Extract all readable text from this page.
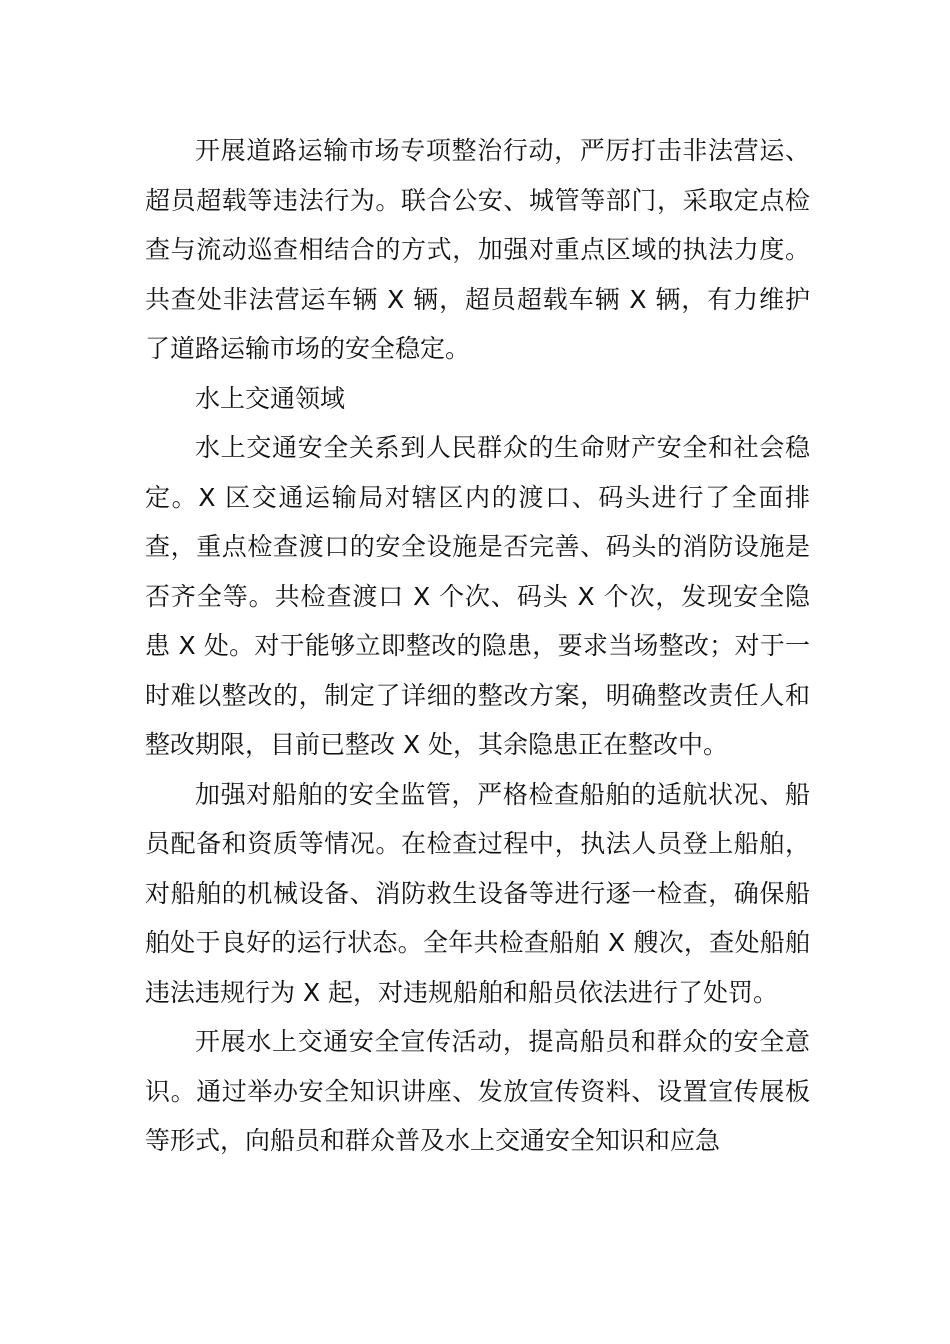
开展道路运输市场专项整治行动，严厉打击非法营运、超员超载等违法行为。联合公安、城管等部门，采取定点检查与流动巡查相结合的方式，加强对重点区域的执法力度。共查处非法营运车辆 X 辆，超员超载车辆 X 辆，有力维护了道路运输市场的安全稳定。

水上交通领域

水上交通安全关系到人民群众的生命财产安全和社会稳定。X 区交通运输局对辖区内的渡口、码头进行了全面排查，重点检查渡口的安全设施是否完善、码头的消防设施是否齐全等。共检查渡口 X 个次、码头 X 个次，发现安全隐患 X 处。对于能够立即整改的隐患，要求当场整改；对于一时难以整改的，制定了详细的整改方案，明确整改责任人和整改期限，目前已整改 X 处，其余隐患正在整改中。

加强对船舶的安全监管，严格检查船舶的适航状况、船员配备和资质等情况。在检查过程中，执法人员登上船舶，对船舶的机械设备、消防救生设备等进行逐一检查，确保船舶处于良好的运行状态。全年共检查船舶 X 艘次，查处船舶违法违规行为 X 起，对违规船舶和船员依法进行了处罚。

开展水上交通安全宣传活动，提高船员和群众的安全意识。通过举办安全知识讲座、发放宣传资料、设置宣传展板等形式，向船员和群众普及水上交通安全知识和应急
